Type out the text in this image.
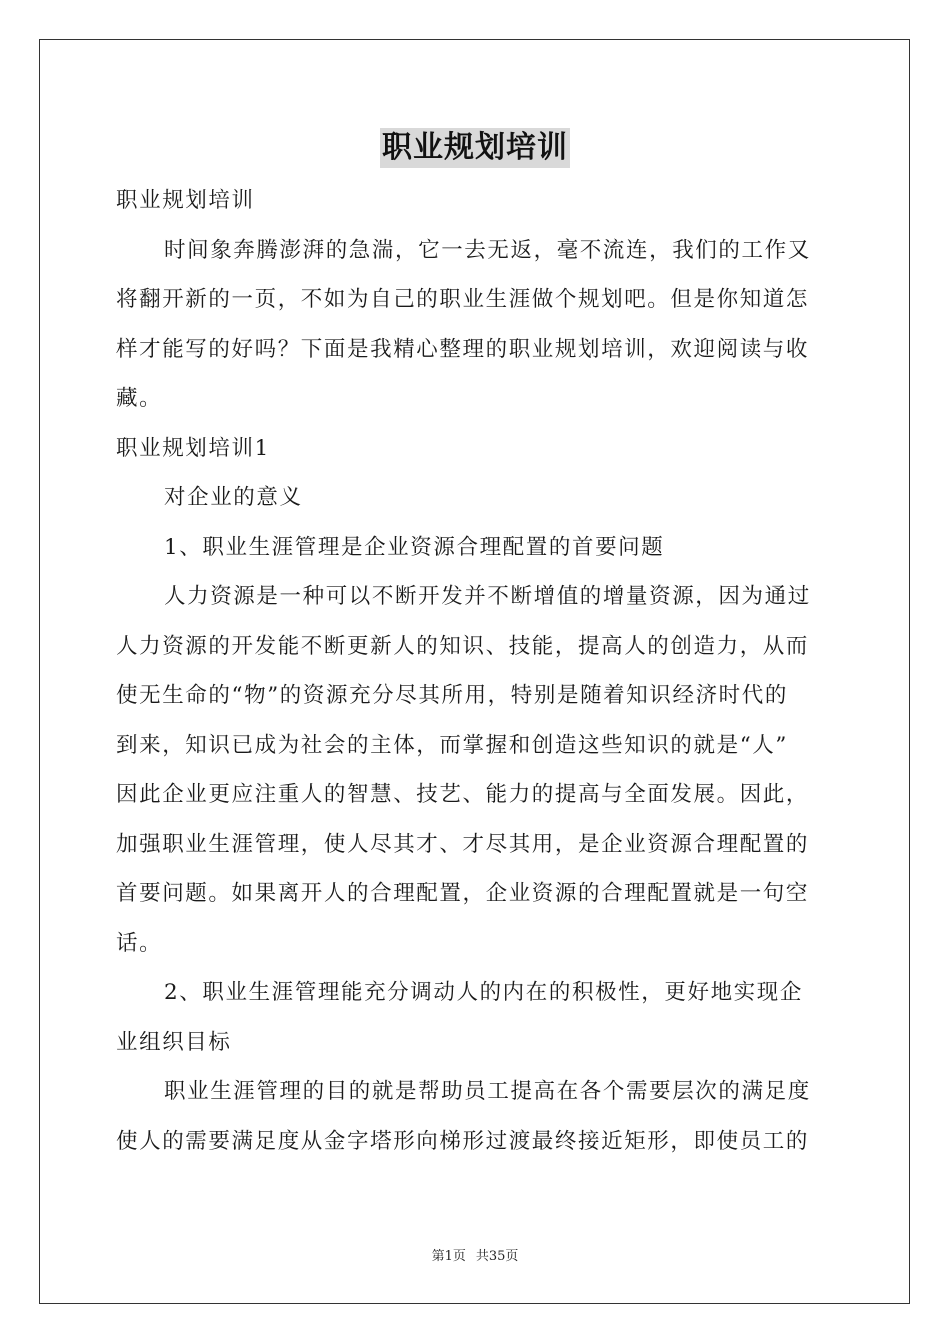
职业规划培训
职业规划培训
时间象奔腾澎湃的急湍，它一去无返，毫不流连，我们的工作又
将翻开新的一页，不如为自己的职业生涯做个规划吧。但是你知道怎
样才能写的好吗？下面是我精心整理的职业规划培训，欢迎阅读与收
藏。
职业规划培训1
对企业的意义
1、职业生涯管理是企业资源合理配置的首要问题
人力资源是一种可以不断开发并不断增值的增量资源，因为通过
人力资源的开发能不断更新人的知识、技能，提高人的创造力，从而
使无生命的“物”的资源充分尽其所用，特别是随着知识经济时代的
到来，知识已成为社会的主体，而掌握和创造这些知识的就是“人”
因此企业更应注重人的智慧、技艺、能力的提高与全面发展。因此，
加强职业生涯管理，使人尽其才、才尽其用，是企业资源合理配置的
首要问题。如果离开人的合理配置，企业资源的合理配置就是一句空
话。
2、职业生涯管理能充分调动人的内在的积极性，更好地实现企
业组织目标
职业生涯管理的目的就是帮助员工提高在各个需要层次的满足度
使人的需要满足度从金字塔形向梯形过渡最终接近矩形，即使员工的
第1页 共35页
